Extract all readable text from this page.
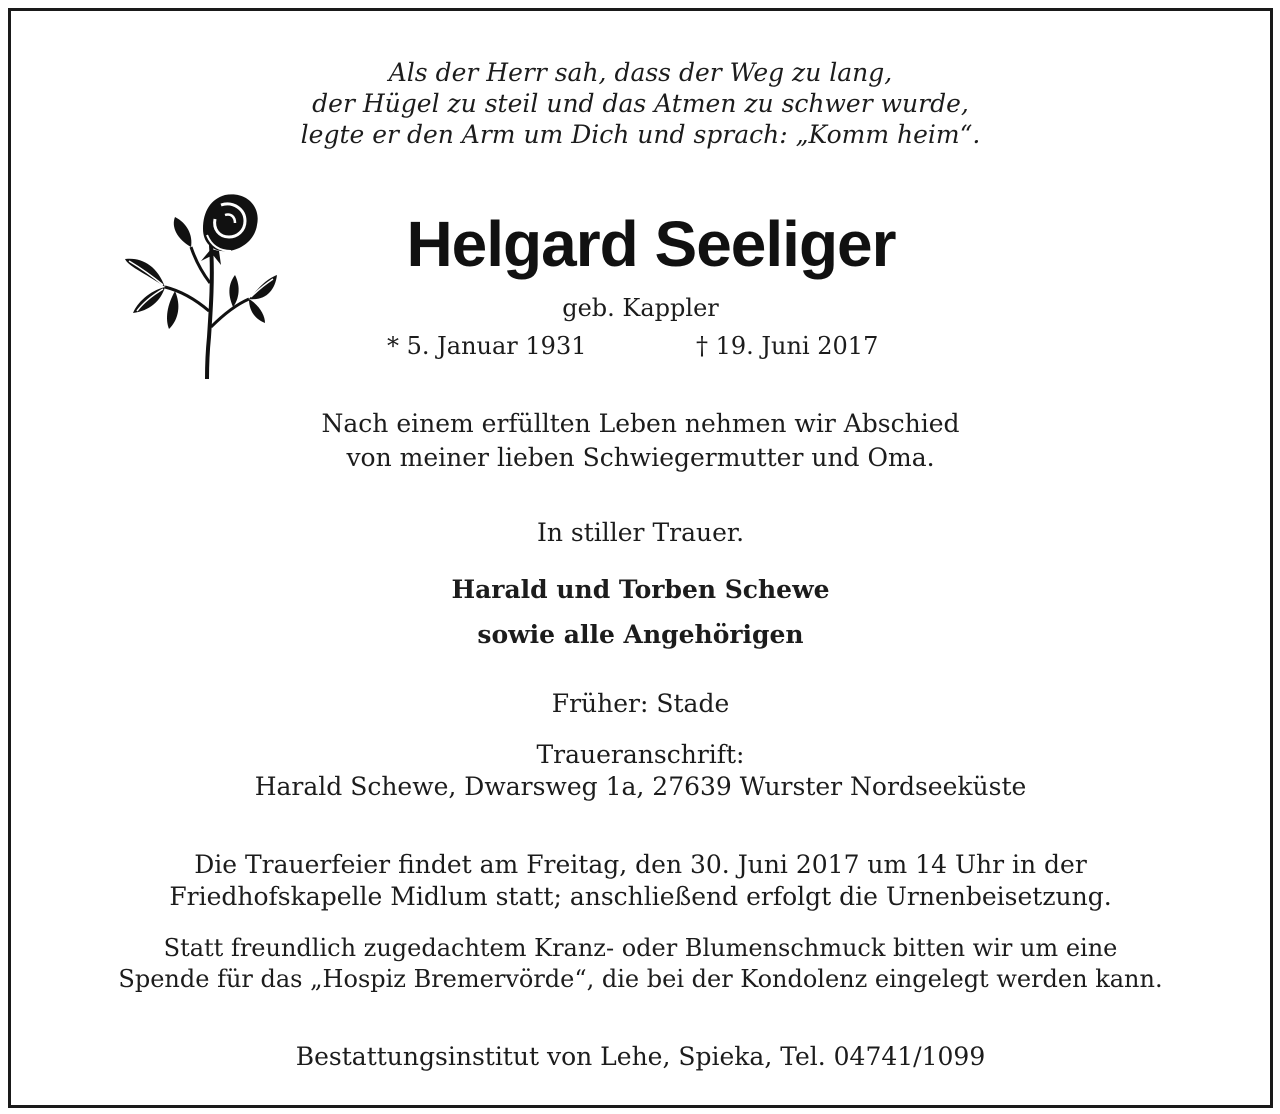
Als der Herr sah, dass der Weg zu lang,
der Hügel zu steil und das Atmen zu schwer wurde,
legte er den Arm um Dich und sprach: „Komm heim“.
Helgard Seeliger
geb. Kappler
* 5. Januar 1931	† 19. Juni 2017
Nach einem erfüllten Leben nehmen wir Abschied
von meiner lieben Schwiegermutter und Oma.
In stiller Trauer.
Harald und Torben Schewe
sowie alle Angehörigen
Früher: Stade
Traueranschrift:
Harald Schewe, Dwarsweg 1a, 27639 Wurster Nordseeküste
Die Trauerfeier findet am Freitag, den 30. Juni 2017 um 14 Uhr in der
Friedhofskapelle Midlum statt; anschließend erfolgt die Urnenbeisetzung.
Statt freundlich zugedachtem Kranz- oder Blumenschmuck bitten wir um eine
Spende für das „Hospiz Bremervörde“, die bei der Kondolenz eingelegt werden kann.
Bestattungsinstitut von Lehe, Spieka, Tel. 04741/1099
